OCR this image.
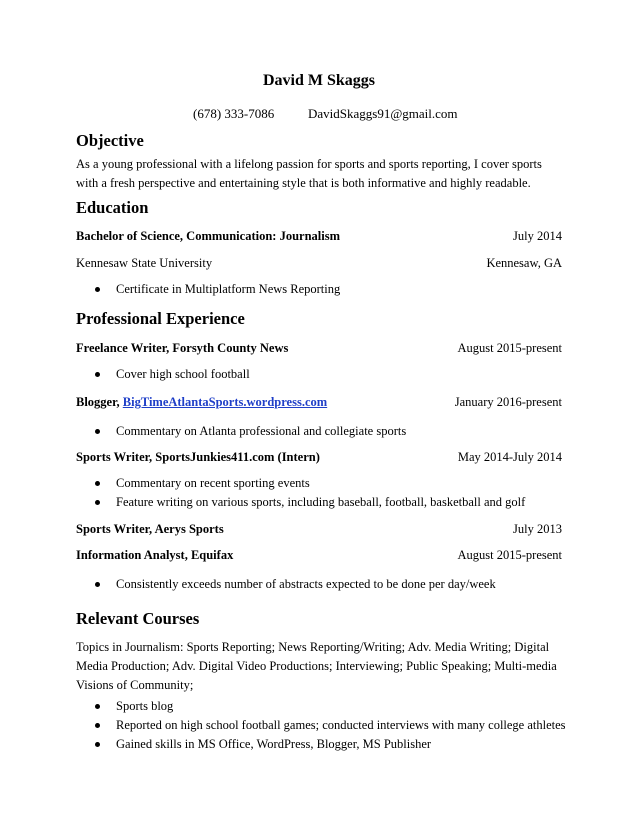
David M Skaggs
(678) 333-7086	DavidSkaggs91@gmail.com
Objective
As a young professional with a lifelong passion for sports and sports reporting, I cover sports
with a fresh perspective and entertaining style that is both informative and highly readable.
Education
Bachelor of Science, Communication: Journalism	July 2014
Kennesaw State University	Kennesaw, GA
Certificate in Multiplatform News Reporting
Professional Experience
Freelance Writer, Forsyth County News	August 2015-present
Cover high school football
Blogger, BigTimeAtlantaSports.wordpress.com	January 2016-present
Commentary on Atlanta professional and collegiate sports
Sports Writer, SportsJunkies411.com (Intern)	May 2014-July 2014
Commentary on recent sporting events
Feature writing on various sports, including baseball, football, basketball and golf
Sports Writer, Aerys Sports	July 2013
Information Analyst, Equifax	August 2015-present
Consistently exceeds number of abstracts expected to be done per day/week
Relevant Courses
Topics in Journalism: Sports Reporting; News Reporting/Writing; Adv. Media Writing; Digital
Media Production; Adv. Digital Video Productions; Interviewing; Public Speaking; Multi-media
Visions of Community;
Sports blog
Reported on high school football games; conducted interviews with many college athletes
Gained skills in MS Office, WordPress, Blogger, MS Publisher
